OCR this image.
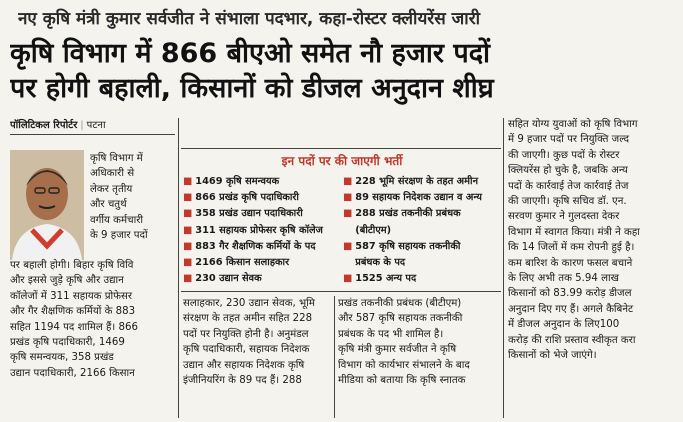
नए कृषि मंत्री कुमार सर्वजीत ने संभाला पदभार, कहा-रोस्टर क्लीयरेंस जारी
कृषि विभाग में 866 बीएओ समेत नौ हजार पदों
पर होगी बहाली, किसानों को डीजल अनुदान शीघ्र
पॉलिटिकल रिपोर्टर | पटना
कृषि विभाग में
अधिकारी से
लेकर तृतीय
और चतुर्थ
वर्गीय कर्मचारी
के 9 हजार पदों
पर बहाली होगी। बिहार कृषि विवि
और इससे जुड़े कृषि और उद्यान
कॉलेजों में 311 सहायक प्रोफेसर
और गैर शैक्षणिक कर्मियों के 883
सहित 1194 पद शामिल हैं। 866
प्रखंड कृषि पदाधिकारी, 1469
कृषि समन्वयक, 358 प्रखंड
उद्यान पदाधिकारी, 2166 किसान
इन पदों पर की जाएगी भर्ती
■ 1469 कृषि समन्वयक
■ 866 प्रखंड कृषि पदाधिकारी
■ 358 प्रखंड उद्यान पदाधिकारी
■ 311 सहायक प्रोफेसर कृषि कॉलेज
■ 883 गैर शैक्षणिक कर्मियों के पद
■ 2166 किसान सलाहकार
■ 230 उद्यान सेवक
■ 228 भूमि संरक्षण के तहत अमीन
■ 89 सहायक निदेशक उद्यान व अन्य
■ 288 प्रखंड तकनीकी प्रबंधक
(बीटीएम)
■ 587 कृषि सहायक तकनीकी
प्रबंधक के पद
■ 1525 अन्य पद
सलाहकार, 230 उद्यान सेवक, भूमि
संरक्षण के तहत अमीन सहित 228
पदों पर नियुक्ति होनी है। अनुमंडल
कृषि पदाधिकारी, सहायक निदेशक
उद्यान और सहायक निदेशक कृषि
इंजीनियरिंग के 89 पद हैं। 288
प्रखंड तकनीकी प्रबंधक (बीटीएम)
और 587 कृषि सहायक तकनीकी
प्रबंधक के पद भी शामिल है।
कृषि मंत्री कुमार सर्वजीत ने कृषि
विभाग को कार्यभार संभालने के बाद
मीडिया को बताया कि कृषि स्नातक
सहित योग्य युवाओं को कृषि विभाग
में 9 हजार पदों पर नियुक्ति जल्द
की जाएगी। कुछ पदों के रोस्टर
क्लियरेंस हो चुके है, जबकि अन्य
पदों के कार्रवाई तेज कार्रवाई तेज
की जाएगी। कृषि सचिव डॉ. एन.
सरवण कुमार ने गुलदस्ता देकर
विभाग में स्वागत किया। मंत्री ने कहा
कि 14 जिलों में कम रोपनी हुई है।
कम बारिश के कारण फसल बचाने
के लिए अभी तक 5.94 लाख
किसानों को 83.99 करोड़ डीजल
अनुदान दिए गए हैं। अगले कैबिनेट
में डीजल अनुदान के लिए100
करोड़ की राशि प्रस्ताव स्वीकृत करा
किसानों को भेजे जाएंगे।
